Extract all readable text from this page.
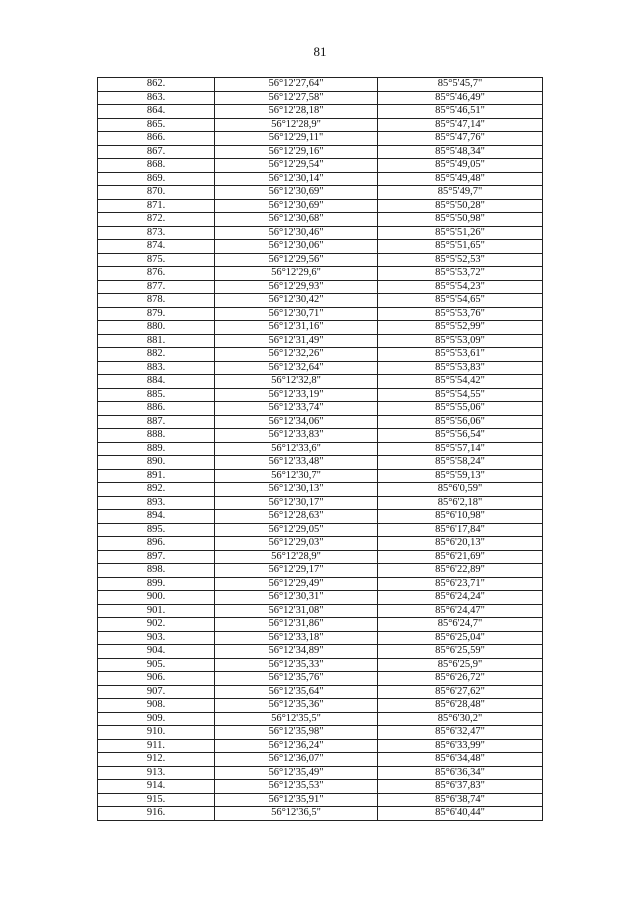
81
862.	56°12'27,64"	85°5'45,7"
863.	56°12'27,58"	85°5'46,49"
864.	56°12'28,18"	85°5'46,51"
865.	56°12'28,9"	85°5'47,14"
866.	56°12'29,11"	85°5'47,76"
867.	56°12'29,16"	85°5'48,34"
868.	56°12'29,54"	85°5'49,05"
869.	56°12'30,14"	85°5'49,48"
870.	56°12'30,69"	85°5'49,7"
871.	56°12'30,69"	85°5'50,28"
872.	56°12'30,68"	85°5'50,98"
873.	56°12'30,46"	85°5'51,26"
874.	56°12'30,06"	85°5'51,65"
875.	56°12'29,56"	85°5'52,53"
876.	56°12'29,6"	85°5'53,72"
877.	56°12'29,93"	85°5'54,23"
878.	56°12'30,42"	85°5'54,65"
879.	56°12'30,71"	85°5'53,76"
880.	56°12'31,16"	85°5'52,99"
881.	56°12'31,49"	85°5'53,09"
882.	56°12'32,26"	85°5'53,61"
883.	56°12'32,64"	85°5'53,83"
884.	56°12'32,8"	85°5'54,42"
885.	56°12'33,19"	85°5'54,55"
886.	56°12'33,74"	85°5'55,06"
887.	56°12'34,06"	85°5'56,06"
888.	56°12'33,83"	85°5'56,54"
889.	56°12'33,6"	85°5'57,14"
890.	56°12'33,48"	85°5'58,24"
891.	56°12'30,7"	85°5'59,13"
892.	56°12'30,13"	85°6'0,59"
893.	56°12'30,17"	85°6'2,18"
894.	56°12'28,63"	85°6'10,98"
895.	56°12'29,05"	85°6'17,84"
896.	56°12'29,03"	85°6'20,13"
897.	56°12'28,9"	85°6'21,69"
898.	56°12'29,17"	85°6'22,89"
899.	56°12'29,49"	85°6'23,71"
900.	56°12'30,31"	85°6'24,24"
901.	56°12'31,08"	85°6'24,47"
902.	56°12'31,86"	85°6'24,7"
903.	56°12'33,18"	85°6'25,04"
904.	56°12'34,89"	85°6'25,59"
905.	56°12'35,33"	85°6'25,9"
906.	56°12'35,76"	85°6'26,72"
907.	56°12'35,64"	85°6'27,62"
908.	56°12'35,36"	85°6'28,48"
909.	56°12'35,5"	85°6'30,2"
910.	56°12'35,98"	85°6'32,47"
911.	56°12'36,24"	85°6'33,99"
912.	56°12'36,07"	85°6'34,48"
913.	56°12'35,49"	85°6'36,34"
914.	56°12'35,53"	85°6'37,83"
915.	56°12'35,91"	85°6'38,74"
916.	56°12'36,5"	85°6'40,44"
